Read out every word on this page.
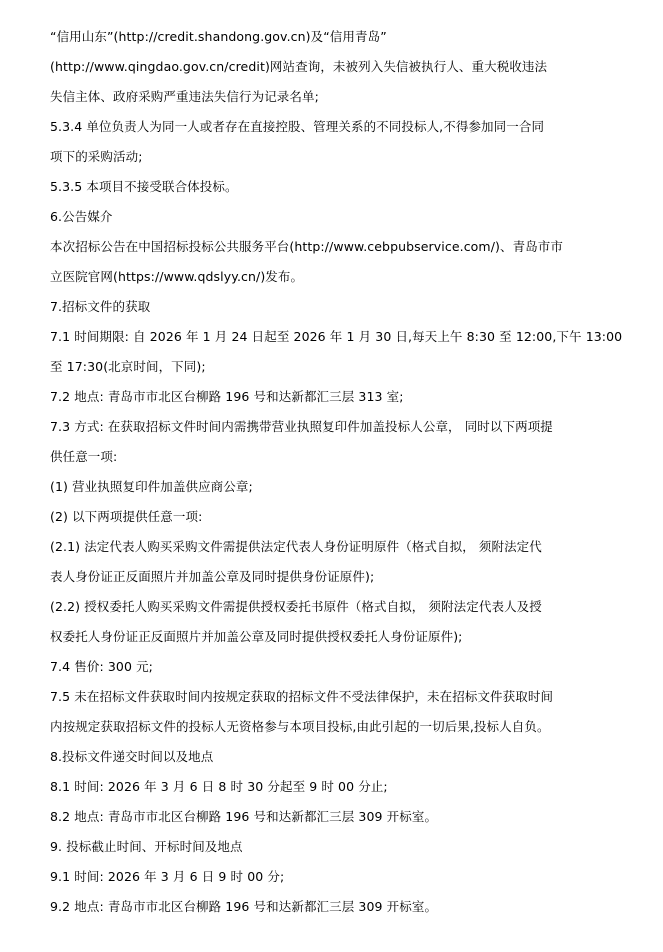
“信用山东”(http://credit.shandong.gov.cn)及“信用青岛”
(http://www.qingdao.gov.cn/credit)网站查询，未被列入失信被执行人、重大税收违法
失信主体、政府采购严重违法失信行为记录名单;
5.3.4 单位负责人为同一人或者存在直接控股、管理关系的不同投标人,不得参加同一合同
项下的采购活动;
5.3.5 本项目不接受联合体投标。
6.公告媒介
本次招标公告在中国招标投标公共服务平台(http://www.cebpubservice.com/)、青岛市市
立医院官网(https://www.qdslyy.cn/)发布。
7.招标文件的获取
7.1 时间期限: 自 2026 年 1 月 24 日起至 2026 年 1 月 30 日,每天上午 8:30 至 12:00,下午 13:00
至 17:30(北京时间，下同);
7.2 地点: 青岛市市北区台柳路 196 号和达新都汇三层 313 室;
7.3 方式: 在获取招标文件时间内需携带营业执照复印件加盖投标人公章， 同时以下两项提
供任意一项:
(1) 营业执照复印件加盖供应商公章;
(2) 以下两项提供任意一项:
(2.1) 法定代表人购买采购文件需提供法定代表人身份证明原件（格式自拟， 须附法定代
表人身份证正反面照片并加盖公章及同时提供身份证原件);
(2.2) 授权委托人购买采购文件需提供授权委托书原件（格式自拟， 须附法定代表人及授
权委托人身份证正反面照片并加盖公章及同时提供授权委托人身份证原件);
7.4 售价: 300 元;
7.5 未在招标文件获取时间内按规定获取的招标文件不受法律保护，未在招标文件获取时间
内按规定获取招标文件的投标人无资格参与本项目投标,由此引起的一切后果,投标人自负。
8.投标文件递交时间以及地点
8.1 时间: 2026 年 3 月 6 日 8 时 30 分起至 9 时 00 分止;
8.2 地点: 青岛市市北区台柳路 196 号和达新都汇三层 309 开标室。
9. 投标截止时间、开标时间及地点
9.1 时间: 2026 年 3 月 6 日 9 时 00 分;
9.2 地点: 青岛市市北区台柳路 196 号和达新都汇三层 309 开标室。
